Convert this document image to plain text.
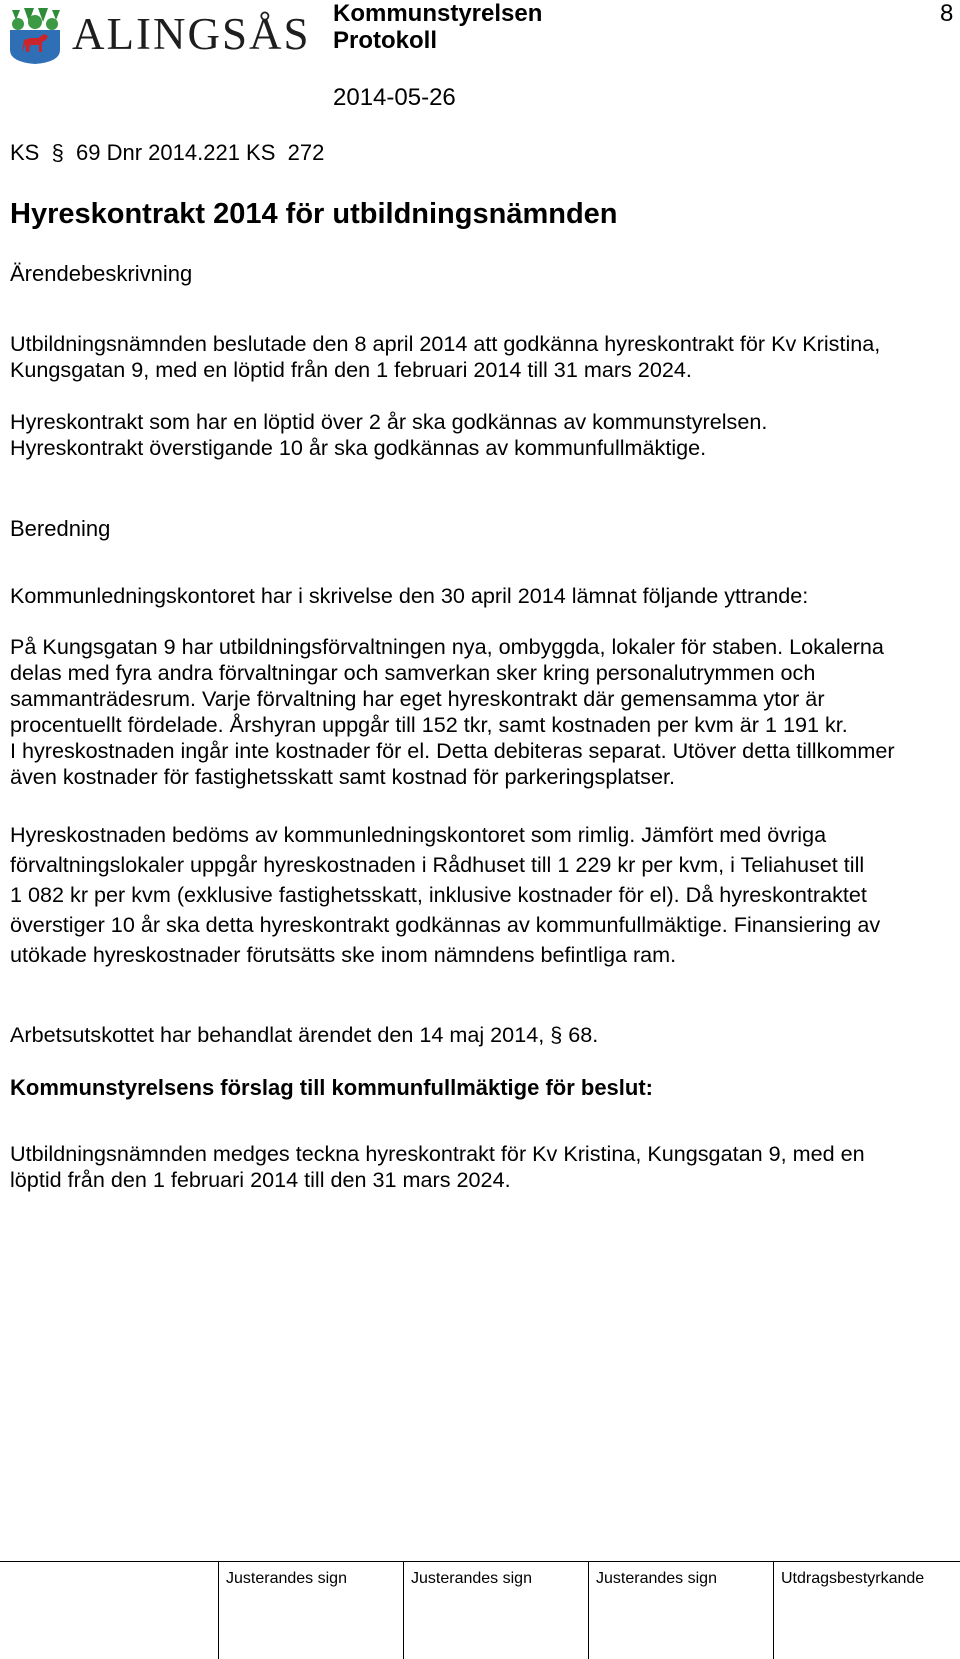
ALINGSÅS Kommunstyrelsen
Protokoll
2014-05-26
8
KS  §  69 Dnr 2014.221 KS  272
Hyreskontrakt 2014 för utbildningsnämnden
Ärendebeskrivning
Utbildningsnämnden beslutade den 8 april 2014 att godkänna hyreskontrakt för Kv Kristina,
Kungsgatan 9, med en löptid från den 1 februari 2014 till 31 mars 2024.
Hyreskontrakt som har en löptid över 2 år ska godkännas av kommunstyrelsen.
Hyreskontrakt överstigande 10 år ska godkännas av kommunfullmäktige.
Beredning
Kommunledningskontoret har i skrivelse den 30 april 2014 lämnat följande yttrande:
På Kungsgatan 9 har utbildningsförvaltningen nya, ombyggda, lokaler för staben. Lokalerna
delas med fyra andra förvaltningar och samverkan sker kring personalutrymmen och
sammanträdesrum. Varje förvaltning har eget hyreskontrakt där gemensamma ytor är
procentuellt fördelade. Årshyran uppgår till 152 tkr, samt kostnaden per kvm är 1 191 kr.
I hyreskostnaden ingår inte kostnader för el. Detta debiteras separat. Utöver detta tillkommer
även kostnader för fastighetsskatt samt kostnad för parkeringsplatser.
Hyreskostnaden bedöms av kommunledningskontoret som rimlig. Jämfört med övriga
förvaltningslokaler uppgår hyreskostnaden i Rådhuset till 1 229 kr per kvm, i Teliahuset till
1 082 kr per kvm (exklusive fastighetsskatt, inklusive kostnader för el). Då hyreskontraktet
överstiger 10 år ska detta hyreskontrakt godkännas av kommunfullmäktige. Finansiering av
utökade hyreskostnader förutsätts ske inom nämndens befintliga ram.
Arbetsutskottet har behandlat ärendet den 14 maj 2014, § 68.
Kommunstyrelsens förslag till kommunfullmäktige för beslut:
Utbildningsnämnden medges teckna hyreskontrakt för Kv Kristina, Kungsgatan 9, med en
löptid från den 1 februari 2014 till den 31 mars 2024.
Justerandes sign	Justerandes sign	Justerandes sign	Utdragsbestyrkande
